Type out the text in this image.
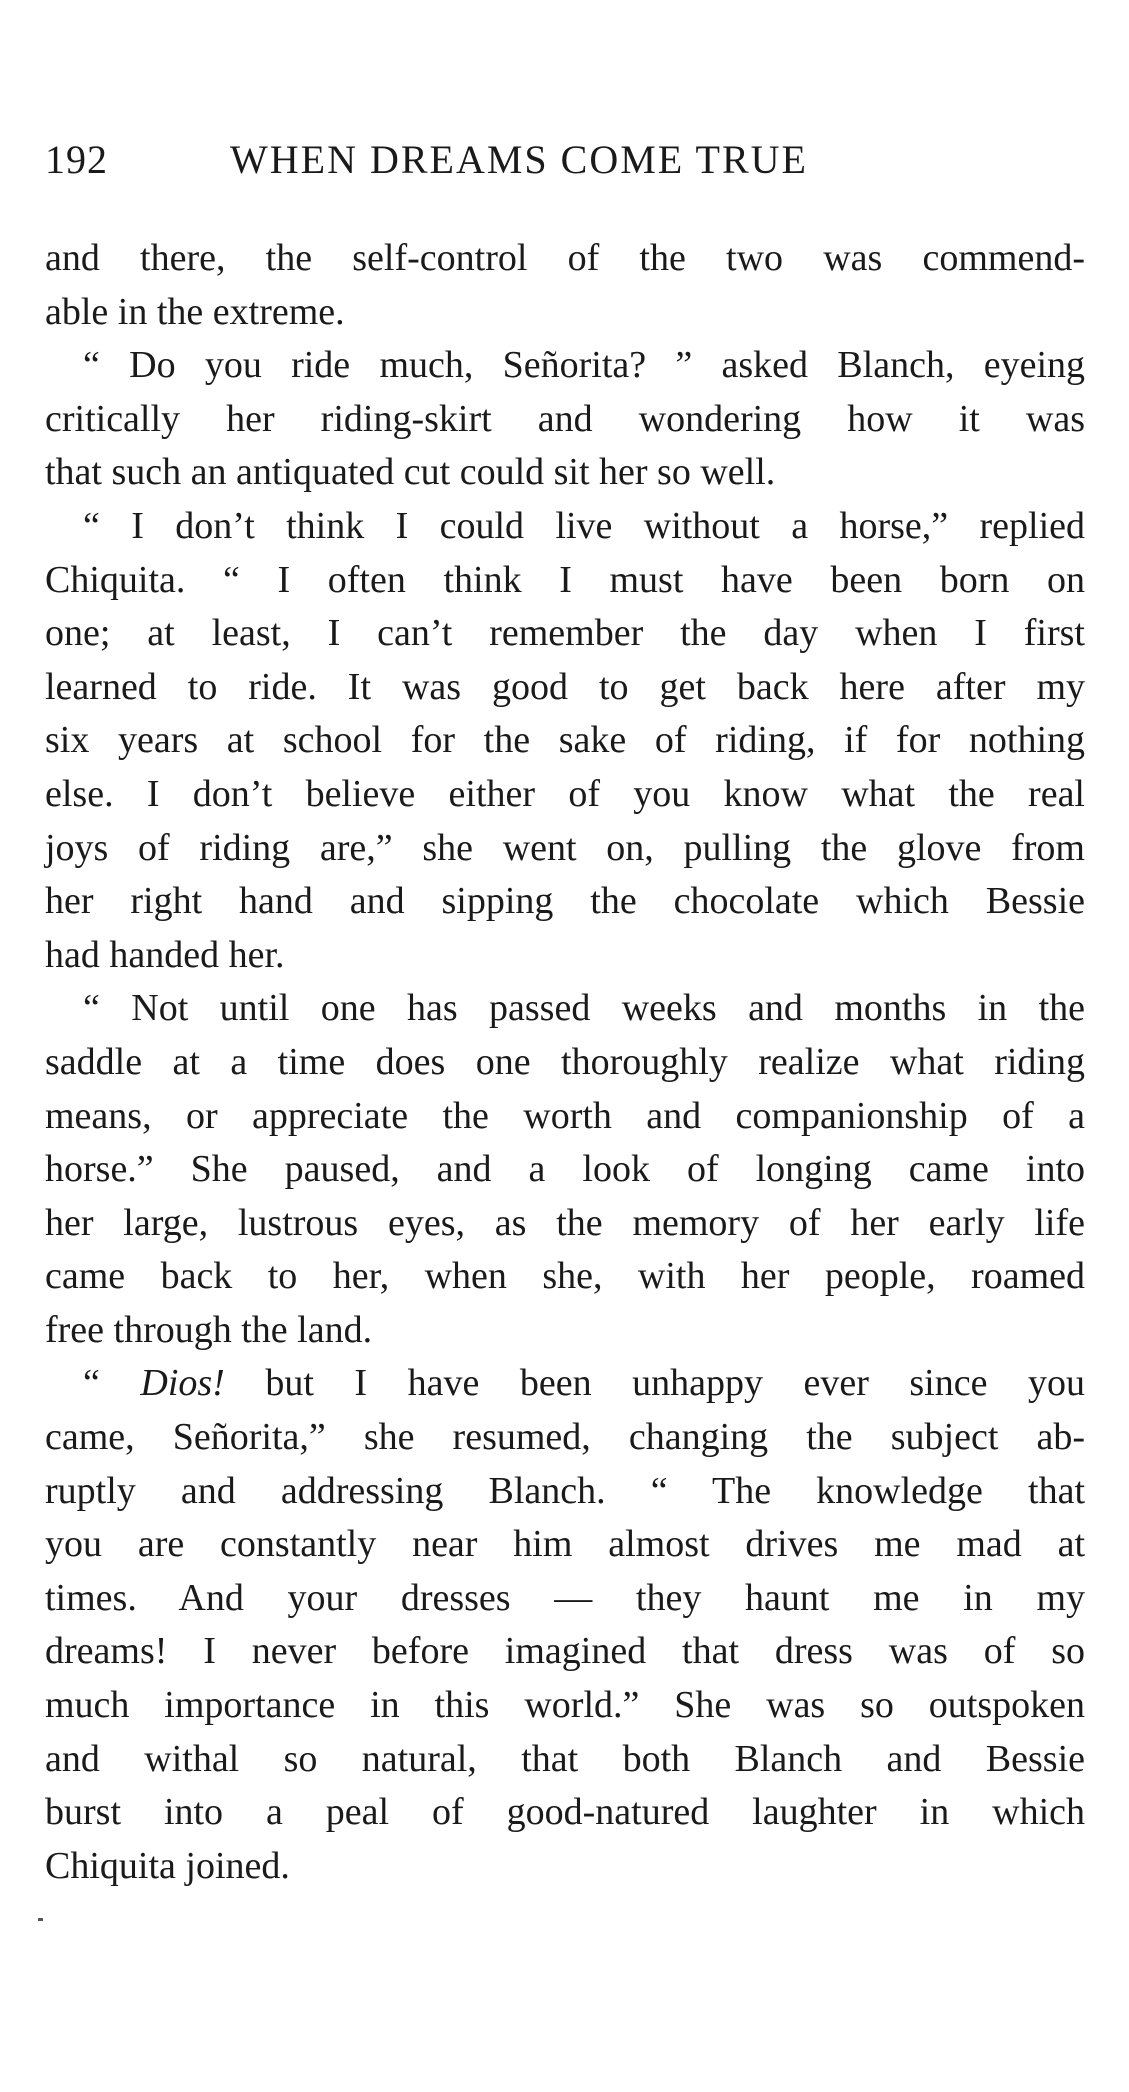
192	WHEN DREAMS COME TRUE
and there, the self-control of the two was commend-
able in the extreme.
“ Do you ride much, Señorita? ” asked Blanch, eyeing
critically her riding-skirt and wondering how it was
that such an antiquated cut could sit her so well.
“ I don’t think I could live without a horse,” replied
Chiquita. “ I often think I must have been born on
one; at least, I can’t remember the day when I first
learned to ride. It was good to get back here after my
six years at school for the sake of riding, if for nothing
else. I don’t believe either of you know what the real
joys of riding are,” she went on, pulling the glove from
her right hand and sipping the chocolate which Bessie
had handed her.
“ Not until one has passed weeks and months in the
saddle at a time does one thoroughly realize what riding
means, or appreciate the worth and companionship of a
horse.” She paused, and a look of longing came into
her large, lustrous eyes, as the memory of her early life
came back to her, when she, with her people, roamed
free through the land.
“ Dios! but I have been unhappy ever since you
came, Señorita,” she resumed, changing the subject ab-
ruptly and addressing Blanch. “ The knowledge that
you are constantly near him almost drives me mad at
times. And your dresses — they haunt me in my
dreams! I never before imagined that dress was of so
much importance in this world.” She was so outspoken
and withal so natural, that both Blanch and Bessie
burst into a peal of good-natured laughter in which
Chiquita joined.
